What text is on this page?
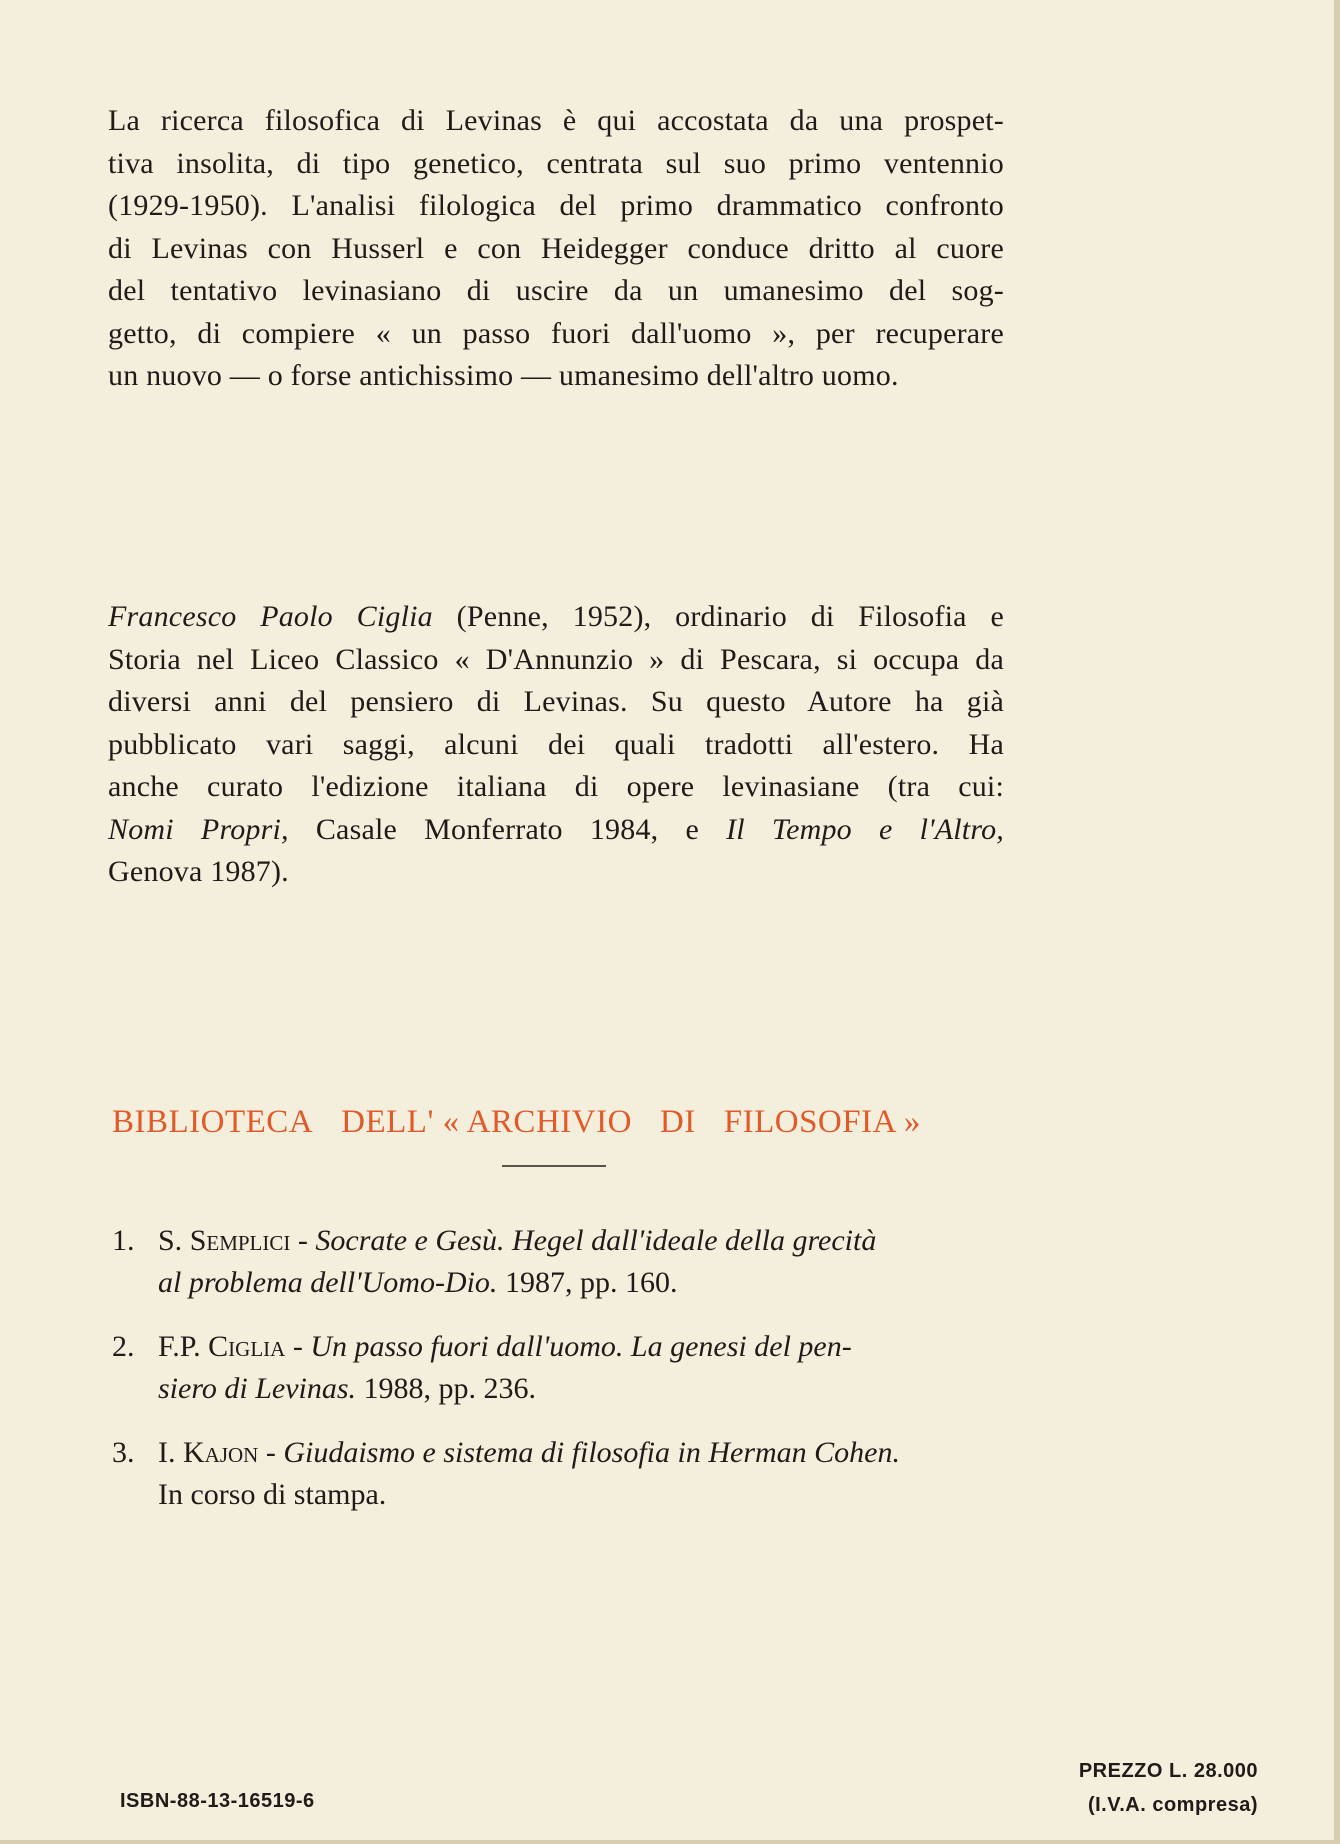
La ricerca filosofica di Levinas è qui accostata da una prospet-
tiva insolita, di tipo genetico, centrata sul suo primo ventennio
(1929-1950). L'analisi filologica del primo drammatico confronto
di Levinas con Husserl e con Heidegger conduce dritto al cuore
del tentativo levinasiano di uscire da un umanesimo del sog-
getto, di compiere « un passo fuori dall'uomo », per recuperare
un nuovo — o forse antichissimo — umanesimo dell'altro uomo.

Francesco Paolo Ciglia (Penne, 1952), ordinario di Filosofia e
Storia nel Liceo Classico « D'Annunzio » di Pescara, si occupa da
diversi anni del pensiero di Levinas. Su questo Autore ha già
pubblicato vari saggi, alcuni dei quali tradotti all'estero. Ha
anche curato l'edizione italiana di opere levinasiane (tra cui:
Nomi Propri, Casale Monferrato 1984, e Il Tempo e l'Altro,
Genova 1987).

BIBLIOTECA DELL' « ARCHIVIO DI FILOSOFIA »
1. S. Semplici - Socrate e Gesù. Hegel dall'ideale della grecità
al problema dell'Uomo-Dio. 1987, pp. 160.
2. F.P. Ciglia - Un passo fuori dall'uomo. La genesi del pen-
siero di Levinas. 1988, pp. 236.
3. I. Kajon - Giudaismo e sistema di filosofia in Herman Cohen.
In corso di stampa.
ISBN-88-13-16519-6
PREZZO L. 28.000
(I.V.A. compresa)
